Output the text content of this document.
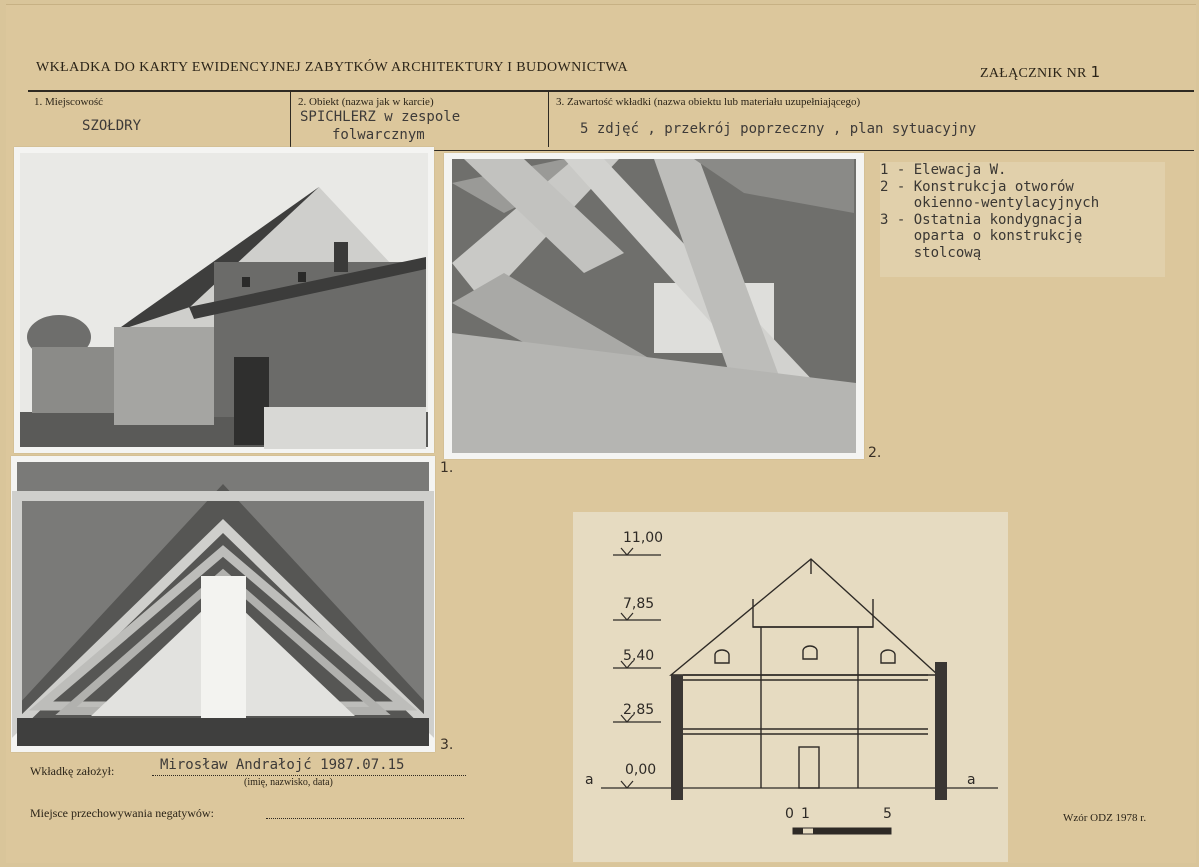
WKŁADKA DO KARTY EWIDENCYJNEJ ZABYTKÓW ARCHITEKTURY I BUDOWNICTWA	ZAŁĄCZNIK NR 1
1. Miejscowość
SZOŁDRY
2. Obiekt (nazwa jak w karcie)
SPICHLERZ w zespole
folwarcznym
3. Zawartość wkładki (nazwa obiektu lub materiału uzupełniającego)
5 zdjęć , przekrój poprzeczny , plan sytuacyjny
1.
2.
3.
1 - Elewacja W.
2 - Konstrukcja otworów
okienno-wentylacyjnych
3 - Ostatnia kondygnacja
oparta o konstrukcję
stolcową
11,00
7,85
5,40
2,85
0,00
a	a
0 1	5
Wkładkę założył:	Mirosław Andrałojć 1987.07.15
(imię, nazwisko, data)
Miejsce przechowywania negatywów:	Wzór ODZ 1978 r.
